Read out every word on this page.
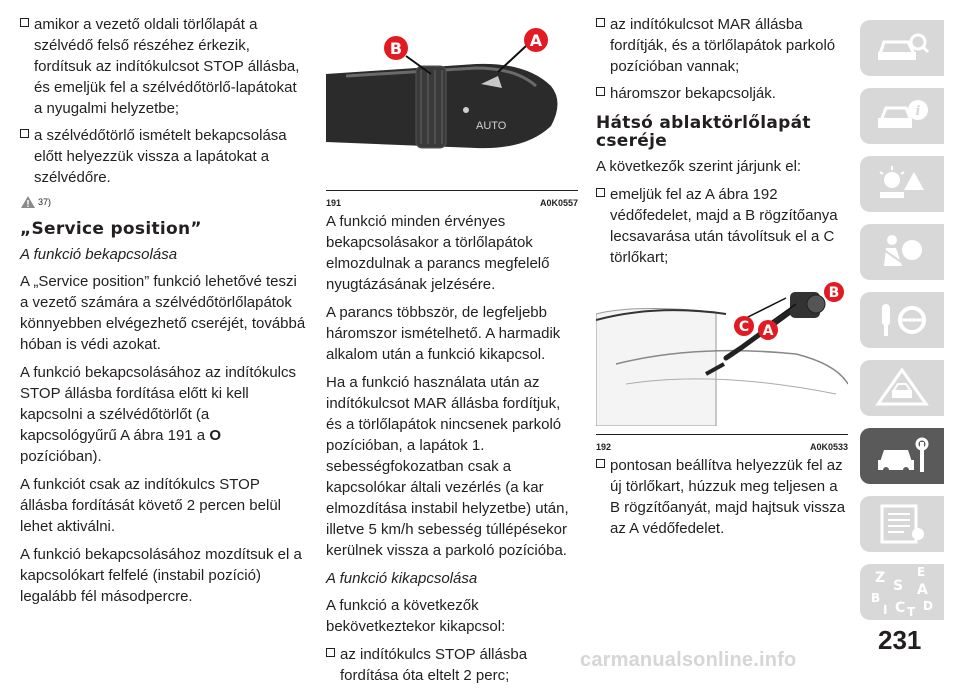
amikor a vezető oldali törlőlapát a szélvédő felső részéhez érkezik, fordítsuk az indítókulcsot STOP állásba, és emeljük fel a szélvédőtörlő-lapátokat a nyugalmi helyzetbe;
a szélvédőtörlő ismételt bekapcsolása előtt helyezzük vissza a lapátokat a szélvédőre.
37)
„Service position”
A funkció bekapcsolása
A „Service position” funkció lehetővé teszi a vezető számára a szélvédőtörlőlapátok könnyebben elvégezhető cseréjét, továbbá hóban is védi azokat.
A funkció bekapcsolásához az indítókulcs STOP állásba fordítása előtt ki kell kapcsolni a szélvédőtörlőt (a kapcsológyűrű A ábra 191 a O
pozícióban).
A funkciót csak az indítókulcs STOP állásba fordítását követő 2 percen belül lehet aktiválni.
A funkció bekapcsolásához mozdítsuk el a kapcsolókart felfelé (instabil pozíció) legalább fél másodpercre.
AUTO
B	A
191	A0K0557
A funkció minden érvényes bekapcsolásakor a törlőlapátok elmozdulnak a parancs megfelelő nyugtázásának jelzésére.
A parancs többször, de legfeljebb háromszor ismételhető. A harmadik alkalom után a funkció kikapcsol.
Ha a funkció használata után az indítókulcsot MAR állásba fordítjuk, és a törlőlapátok nincsenek parkoló pozícióban, a lapátok 1. sebességfokozatban csak a kapcsolókar általi vezérlés (a kar elmozdítása instabil helyzetbe) után, illetve 5 km/h sebesség túllépésekor kerülnek vissza a parkoló pozícióba.
A funkció kikapcsolása
A funkció a következők bekövetkeztekor kikapcsol:
az indítókulcs STOP állásba fordítása óta eltelt 2 perc;
az indítókulcsot MAR állásba fordítják, és a törlőlapátok parkoló pozícióban vannak;
háromszor bekapcsolják.
Hátsó ablaktörlőlapát cseréje
A következők szerint járjunk el:
emeljük fel az A ábra 192 védőfedelet, majd a B rögzítőanya lecsavarása után távolítsuk el a C törlőkart;
B
C A
192	A0K0533
pontosan beállítva helyezzük fel az új törlőkart, húzzuk meg teljesen a B rögzítőanyát, majd hajtsuk vissza az A védőfedelet.
i
Z	E
S A
B
C D
I T
231
carmanualsonline.info
